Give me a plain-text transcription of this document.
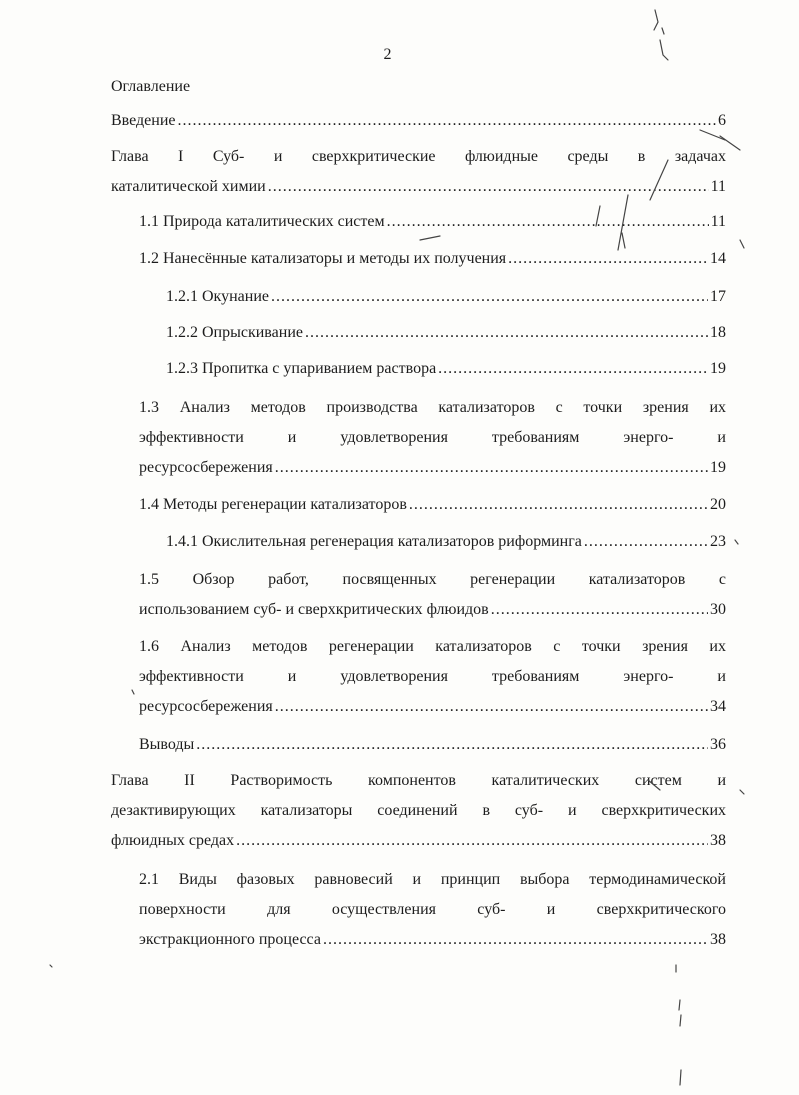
2
Оглавление
Введение .....	6
Глава I Суб- и сверхкритические флюидные среды в задачах
каталитической химии .....	11
1.1 Природа каталитических систем .....	11
1.2 Нанесённые катализаторы и методы их получения .....	14
1.2.1 Окунание .....	17
1.2.2 Опрыскивание .....	18
1.2.3 Пропитка с упариванием раствора .....	19
1.3 Анализ методов производства катализаторов с точки зрения их
эффективности и удовлетворения требованиям энерго- и
ресурсосбережения .....	19
1.4 Методы регенерации катализаторов .....	20
1.4.1 Окислительная регенерация катализаторов риформинга .....	23
1.5 Обзор работ, посвященных регенерации катализаторов с
использованием суб- и сверхкритических флюидов .....	30
1.6 Анализ методов регенерации катализаторов с точки зрения их
эффективности и удовлетворения требованиям энерго- и
ресурсосбережения .....	34
Выводы .....	36
Глава II Растворимость компонентов каталитических систем и
дезактивирующих катализаторы соединений в суб- и сверхкритических
флюидных средах .....	38
2.1 Виды фазовых равновесий и принцип выбора термодинамической
поверхности для осуществления суб- и сверхкритического
экстракционного процесса .....	38
